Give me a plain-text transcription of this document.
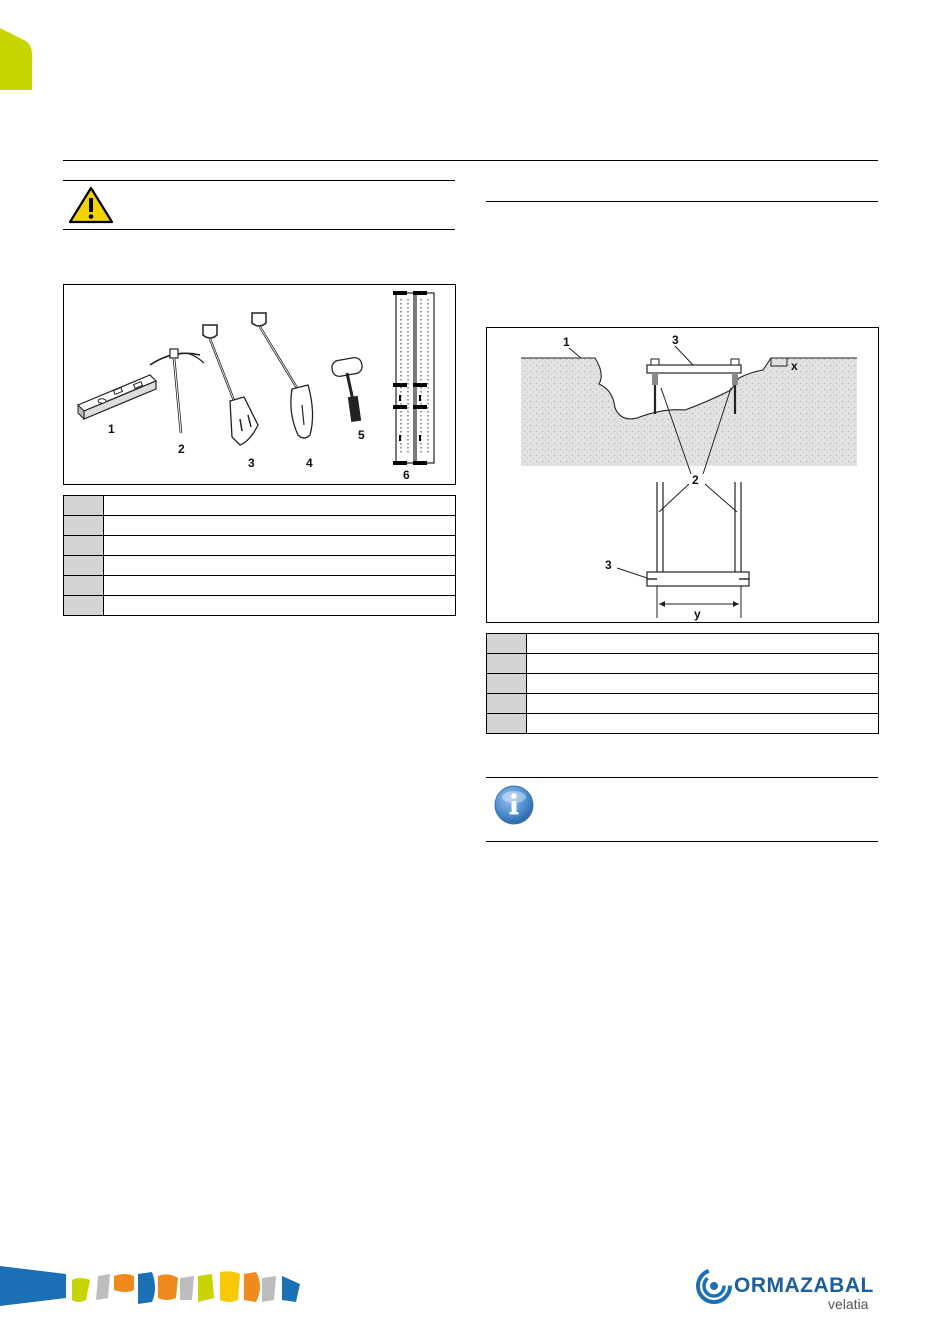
1
2
3	4
5
6

1	3
x
2
3
y

ORMAZABAL
velatia
